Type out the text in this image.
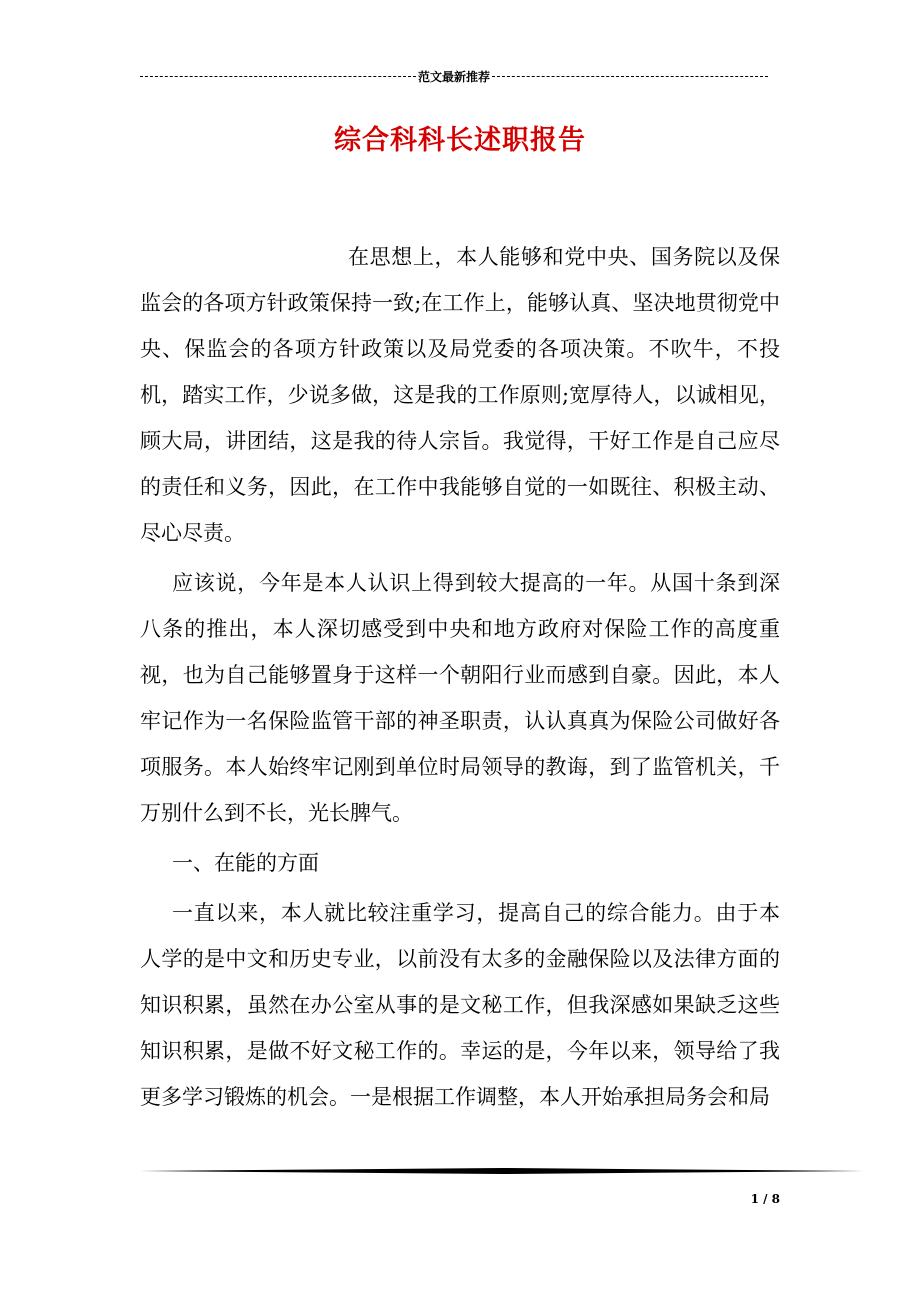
范文最新推荐
综合科科长述职报告

在思想上，本人能够和党中央、国务院以及保监会的各项方针政策保持一致;在工作上，能够认真、坚决地贯彻党中央、保监会的各项方针政策以及局党委的各项决策。不吹牛，不投机，踏实工作，少说多做，这是我的工作原则;宽厚待人，以诚相见，顾大局，讲团结，这是我的待人宗旨。我觉得，干好工作是自己应尽的责任和义务，因此，在工作中我能够自觉的一如既往、积极主动、尽心尽责。

应该说，今年是本人认识上得到较大提高的一年。从国十条到深八条的推出，本人深切感受到中央和地方政府对保险工作的高度重视，也为自己能够置身于这样一个朝阳行业而感到自豪。因此，本人牢记作为一名保险监管干部的神圣职责，认认真真为保险公司做好各项服务。本人始终牢记刚到单位时局领导的教诲，到了监管机关，千万别什么到不长，光长脾气。

一、在能的方面

一直以来，本人就比较注重学习，提高自己的综合能力。由于本人学的是中文和历史专业，以前没有太多的金融保险以及法律方面的知识积累，虽然在办公室从事的是文秘工作，但我深感如果缺乏这些知识积累，是做不好文秘工作的。幸运的是，今年以来，领导给了我更多学习锻炼的机会。一是根据工作调整，本人开始承担局务会和局

1 / 8
